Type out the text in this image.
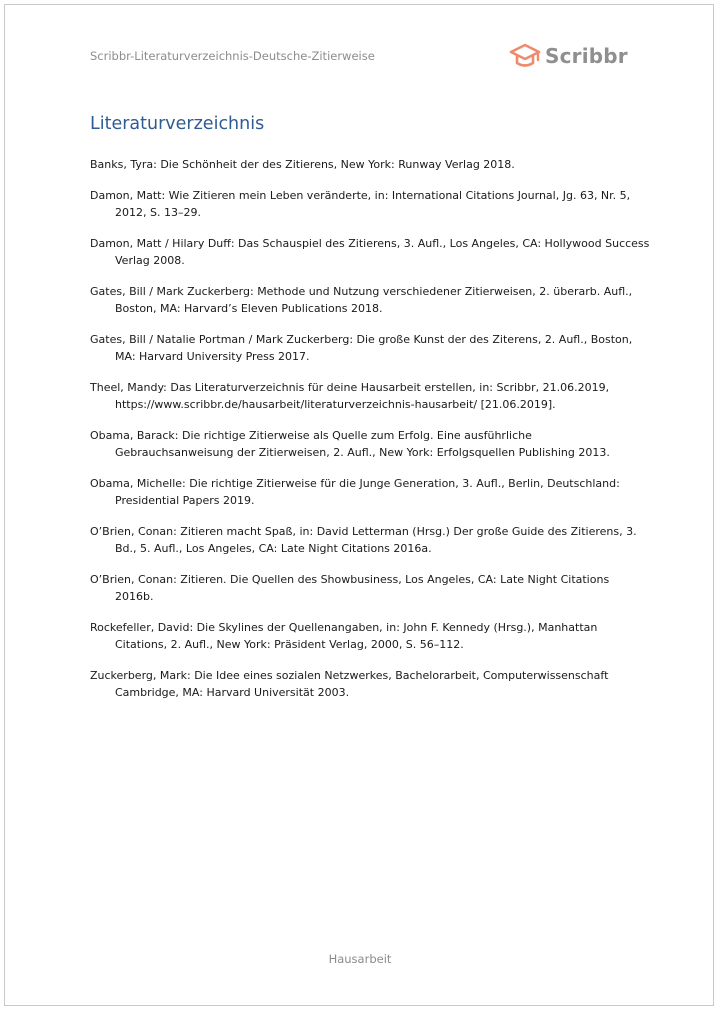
Scribbr-Literaturverzeichnis-Deutsche-Zitierweise	Scribbr
Literaturverzeichnis
Banks, Tyra: Die Schönheit der des Zitierens, New York: Runway Verlag 2018.
Damon, Matt: Wie Zitieren mein Leben veränderte, in: International Citations Journal, Jg. 63, Nr. 5, 2012, S. 13–29.
Damon, Matt / Hilary Duff: Das Schauspiel des Zitierens, 3. Aufl., Los Angeles, CA: Hollywood Success Verlag 2008.
Gates, Bill / Mark Zuckerberg: Methode und Nutzung verschiedener Zitierweisen, 2. überarb. Aufl., Boston, MA: Harvard’s Eleven Publications 2018.
Gates, Bill / Natalie Portman / Mark Zuckerberg: Die große Kunst der des Ziterens, 2. Aufl., Boston, MA: Harvard University Press 2017.
Theel, Mandy: Das Literaturverzeichnis für deine Hausarbeit erstellen, in: Scribbr, 21.06.2019, https://www.scribbr.de/hausarbeit/literaturverzeichnis-hausarbeit/ [21.06.2019].
Obama, Barack: Die richtige Zitierweise als Quelle zum Erfolg. Eine ausführliche Gebrauchsanweisung der Zitierweisen, 2. Aufl., New York: Erfolgsquellen Publishing 2013.
Obama, Michelle: Die richtige Zitierweise für die Junge Generation, 3. Aufl., Berlin, Deutschland: Presidential Papers 2019.
O’Brien, Conan: Zitieren macht Spaß, in: David Letterman (Hrsg.) Der große Guide des Zitierens, 3. Bd., 5. Aufl., Los Angeles, CA: Late Night Citations 2016a.
O’Brien, Conan: Zitieren. Die Quellen des Showbusiness, Los Angeles, CA: Late Night Citations 2016b.
Rockefeller, David: Die Skylines der Quellenangaben, in: John F. Kennedy (Hrsg.), Manhattan Citations, 2. Aufl., New York: Präsident Verlag, 2000, S. 56–112.
Zuckerberg, Mark: Die Idee eines sozialen Netzwerkes, Bachelorarbeit, Computerwissenschaft Cambridge, MA: Harvard Universität 2003.
Hausarbeit
